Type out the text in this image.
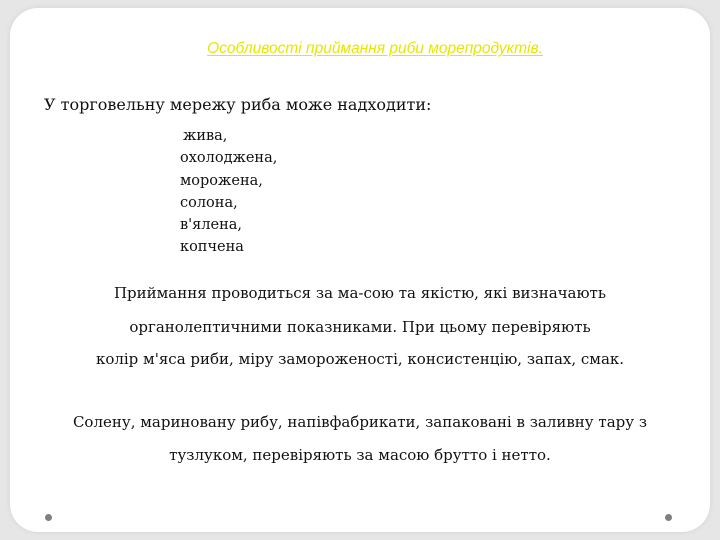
Особливості приймання риби морепродуктів.

У торговельну мережу риба може надходити:

жива,
охолоджена,
морожена,
солона,
в'ялена,
копчена

Приймання проводиться за ма-сою та якістю, які визначають

органолептичними показниками. При цьому перевіряють

колір м'яса риби, міру замороженості, консистенцію, запах, смак.

Солену, мариновану рибу, напівфабрикати, запаковані в заливну тару з

тузлуком, перевіряють за масою брутто і нетто.
